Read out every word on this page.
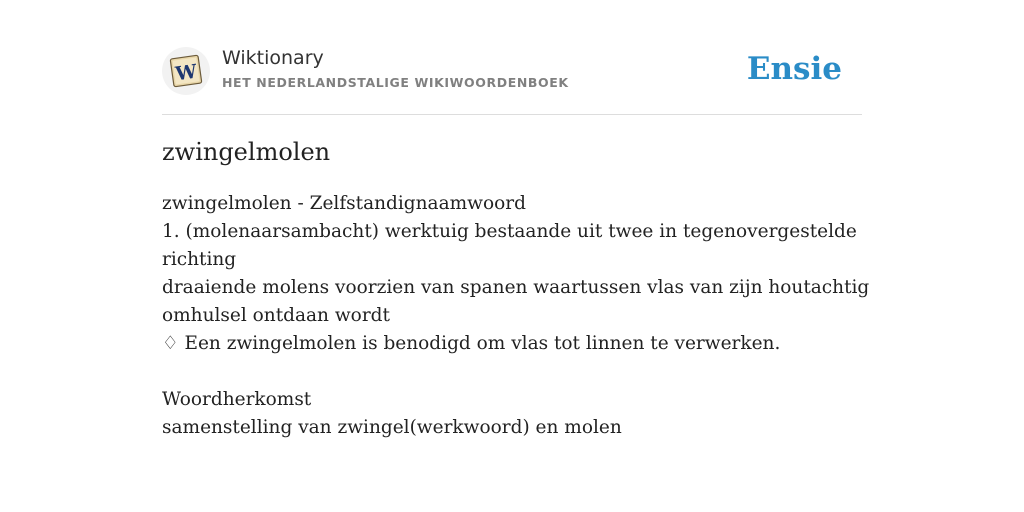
W
Wiktionary
HET NEDERLANDSTALIGE WIKIWOORDENBOEK	Ensie
zwingelmolen

zwingelmolen - Zelfstandignaamwoord

1. (molenaarsambacht) werktuig bestaande uit twee in tegenovergestelde richting

draaiende molens voorzien van spanen waartussen vlas van zijn houtachtig

omhulsel ontdaan wordt

♢ Een zwingelmolen is benodigd om vlas tot linnen te verwerken.

Woordherkomst

samenstelling van zwingel(werkwoord) en molen
